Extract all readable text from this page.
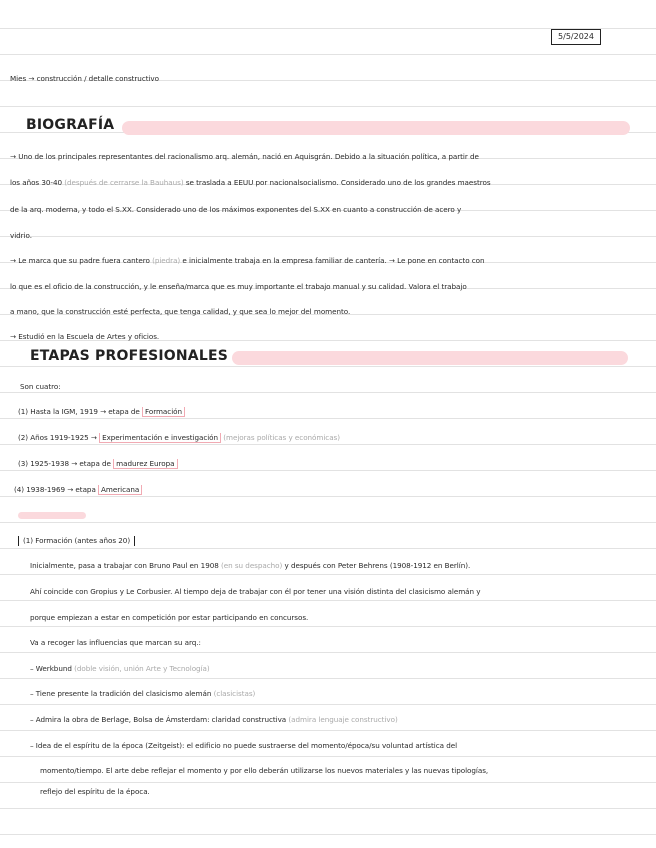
5/5/2024
Mies → construcción / detalle constructivo
BIOGRAFÍA
→ Uno de los principales representantes del racionalismo arq. alemán, nació en Aquisgrán. Debido a la situación política, a partir de
los años 30-40 (después de cerrarse la Bauhaus) se traslada a EEUU por nacionalsocialismo. Considerado uno de los grandes maestros
de la arq. moderna, y todo el S.XX. Considerado uno de los máximos exponentes del S.XX en cuanto a construcción de acero y
vidrio.
→ Le marca que su padre fuera cantero (piedra) e inicialmente trabaja en la empresa familiar de cantería. → Le pone en contacto con
lo que es el oficio de la construcción, y le enseña/marca que es muy importante el trabajo manual y su calidad. Valora el trabajo
a mano, que la construcción esté perfecta, que tenga calidad, y que sea lo mejor del momento.
→ Estudió en la Escuela de Artes y oficios.
ETAPAS PROFESIONALES
Son cuatro:
(1) Hasta la IGM, 1919 → etapa de Formación
(2) Años 1919-1925 → Experimentación e investigación (mejoras políticas y económicas)
(3) 1925-1938 → etapa de madurez Europa
(4) 1938-1969 → etapa Americana
(1) Formación (antes años 20)
Inicialmente, pasa a trabajar con Bruno Paul en 1908 (en su despacho) y después con Peter Behrens (1908-1912 en Berlín).
Ahí coincide con Gropius y Le Corbusier. Al tiempo deja de trabajar con él por tener una visión distinta del clasicismo alemán y
porque empiezan a estar en competición por estar participando en concursos.
Va a recoger las influencias que marcan su arq.:
– Werkbund (doble visión, unión Arte y Tecnología)
– Tiene presente la tradición del clasicismo alemán (clasicistas)
– Admira la obra de Berlage, Bolsa de Ámsterdam: claridad constructiva (admira lenguaje constructivo)
– Idea de el espíritu de la época (Zeitgeist): el edificio no puede sustraerse del momento/época/su voluntad artística del
momento/tiempo. El arte debe reflejar el momento y por ello deberán utilizarse los nuevos materiales y las nuevas tipologías,
reflejo del espíritu de la época.
